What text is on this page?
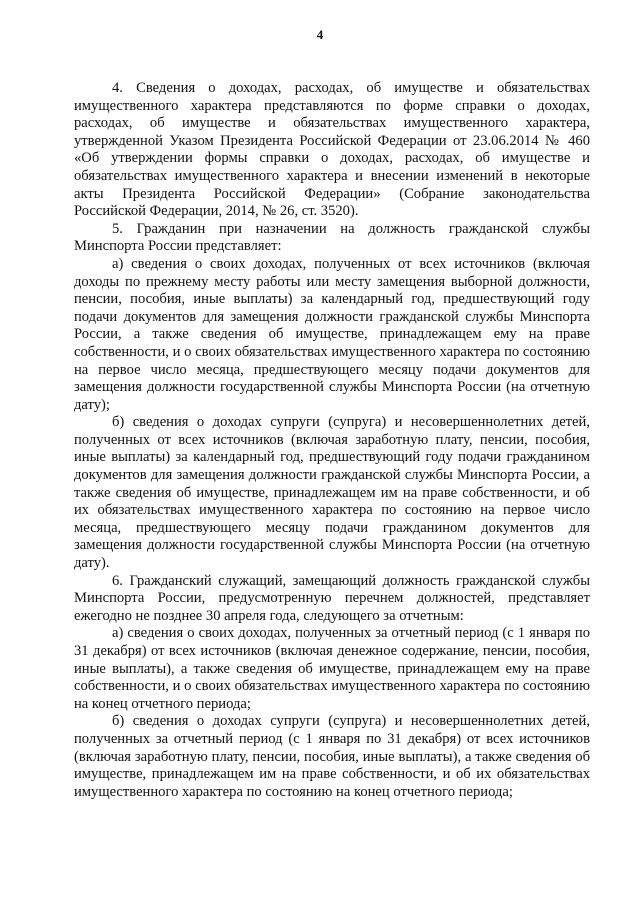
4

4. Сведения о доходах, расходах, об имуществе и обязательствах имущественного характера представляются по форме справки о доходах, расходах, об имуществе и обязательствах имущественного характера, утвержденной Указом Президента Российской Федерации от 23.06.2014 № 460 «Об утверждении формы справки о доходах, расходах, об имуществе и обязательствах имущественного характера и внесении изменений в некоторые акты Президента Российской Федерации» (Собрание законодательства Российской Федерации, 2014, № 26, ст. 3520).

5. Гражданин при назначении на должность гражданской службы Минспорта России представляет:

а) сведения о своих доходах, полученных от всех источников (включая доходы по прежнему месту работы или месту замещения выборной должности, пенсии, пособия, иные выплаты) за календарный год, предшествующий году подачи документов для замещения должности гражданской службы Минспорта России, а также сведения об имуществе, принадлежащем ему на праве собственности, и о своих обязательствах имущественного характера по состоянию на первое число месяца, предшествующего месяцу подачи документов для замещения должности государственной службы Минспорта России (на отчетную дату);

б) сведения о доходах супруги (супруга) и несовершеннолетних детей, полученных от всех источников (включая заработную плату, пенсии, пособия, иные выплаты) за календарный год, предшествующий году подачи гражданином документов для замещения должности гражданской службы Минспорта России, а также сведения об имуществе, принадлежащем им на праве собственности, и об их обязательствах имущественного характера по состоянию на первое число месяца, предшествующего месяцу подачи гражданином документов для замещения должности государственной службы Минспорта России (на отчетную дату).

6. Гражданский служащий, замещающий должность гражданской службы Минспорта России, предусмотренную перечнем должностей, представляет ежегодно не позднее 30 апреля года, следующего за отчетным:

а) сведения о своих доходах, полученных за отчетный период (с 1 января по 31 декабря) от всех источников (включая денежное содержание, пенсии, пособия, иные выплаты), а также сведения об имуществе, принадлежащем ему на праве собственности, и о своих обязательствах имущественного характера по состоянию на конец отчетного периода;

б) сведения о доходах супруги (супруга) и несовершеннолетних детей, полученных за отчетный период (с 1 января по 31 декабря) от всех источников (включая заработную плату, пенсии, пособия, иные выплаты), а также сведения об имуществе, принадлежащем им на праве собственности, и об их обязательствах имущественного характера по состоянию на конец отчетного периода;
